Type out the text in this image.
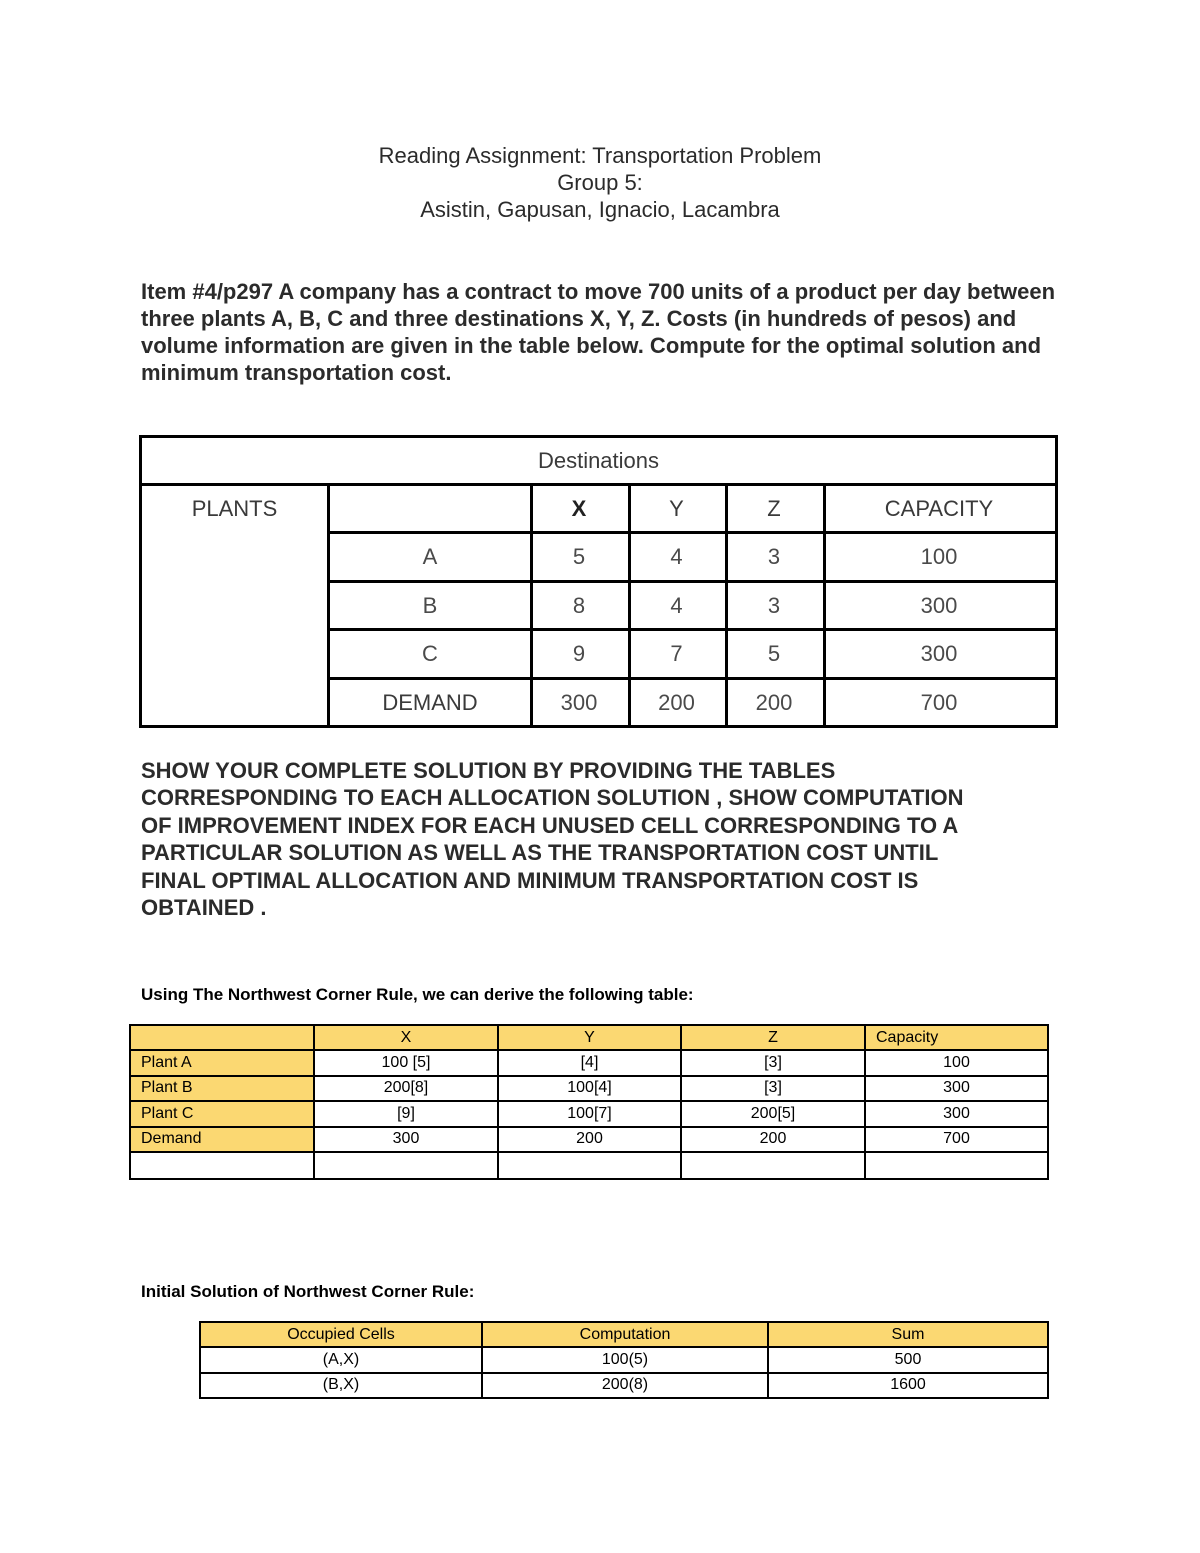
Reading Assignment: Transportation Problem
Group 5:
Asistin, Gapusan, Ignacio, Lacambra
Item #4/p297 A company has a contract to move 700 units of a product per day between three plants A, B, C and three destinations X, Y, Z. Costs (in hundreds of pesos) and volume information are given in the table below. Compute for the optimal solution and minimum transportation cost.
Destinations
PLANTS	X	Y	Z	CAPACITY
A	5	4	3	100
B	8	4	3	300
C	9	7	5	300
DEMAND	300	200	200	700
SHOW YOUR COMPLETE SOLUTION BY PROVIDING THE TABLES
CORRESPONDING TO EACH ALLOCATION SOLUTION , SHOW COMPUTATION
OF IMPROVEMENT INDEX FOR EACH UNUSED CELL CORRESPONDING TO A
PARTICULAR SOLUTION AS WELL AS THE TRANSPORTATION COST UNTIL
FINAL OPTIMAL ALLOCATION AND MINIMUM TRANSPORTATION COST IS
OBTAINED .
Using The Northwest Corner Rule, we can derive the following table:
	X	Y	Z	Capacity
Plant A	100 [5]	[4]	[3]	100
Plant B	200[8]	100[4]	[3]	300
Plant C	[9]	100[7]	200[5]	300
Demand	300	200	200	700

Initial Solution of Northwest Corner Rule:
Occupied Cells	Computation	Sum
(A,X)	100(5)	500
(B,X)	200(8)	1600
